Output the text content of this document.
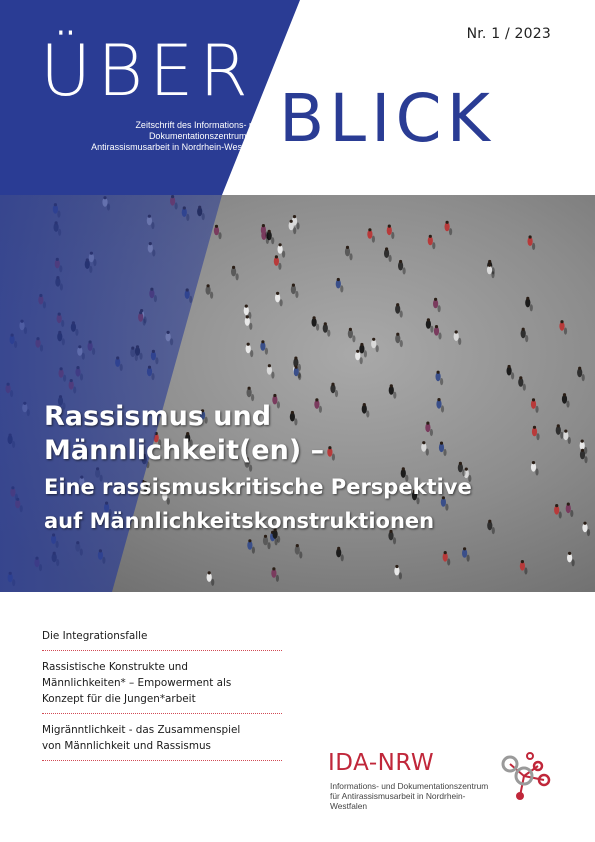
Nr. 1 / 2023
ÜBER
BLICK
Zeitschrift des Informations- und
Dokumentationszentrums für
Antirassismusarbeit in Nordrhein-Westfalen
Rassismus und
Männlichkeit(en) –
Eine rassismuskritische Perspektive
auf Männlichkeitskonstruktionen
Die Integrationsfalle
Rassistische Konstrukte und
Männlichkeiten* – Empowerment als
Konzept für die Jungen*arbeit
Migränntlichkeit - das Zusammenspiel
von Männlichkeit und Rassismus
IDA-NRW
Informations- und Dokumentationszentrum
für Antirassismusarbeit in Nordrhein-Westfalen
